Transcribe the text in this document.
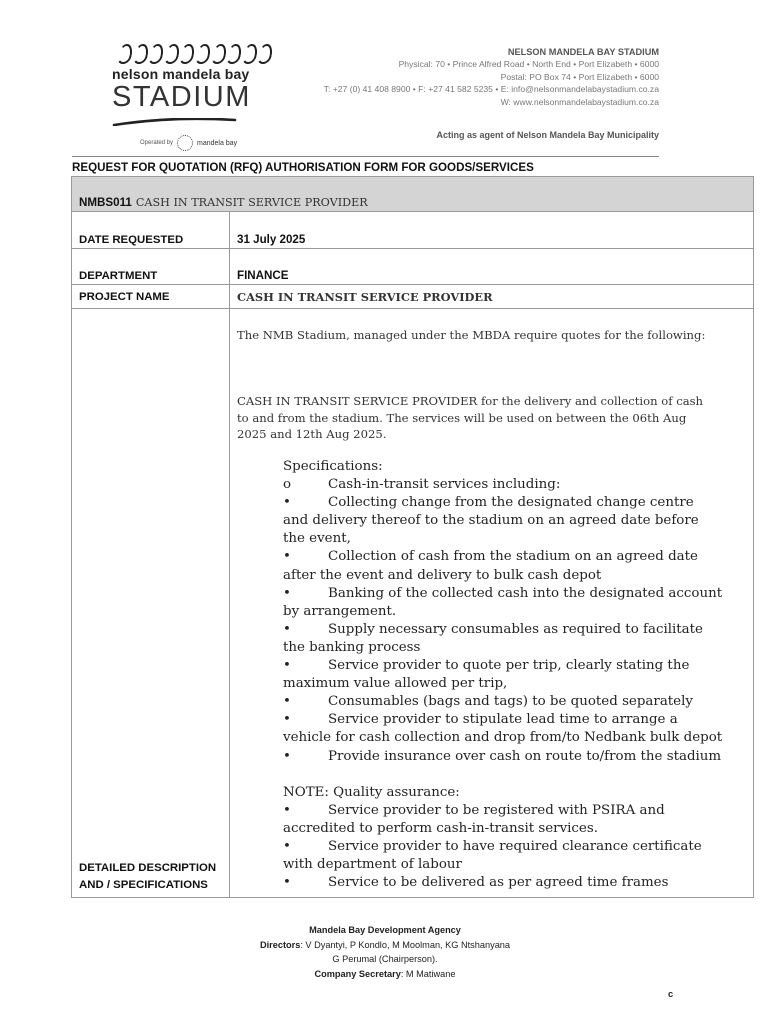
nelson mandela bay
STADIUM
Operated by	mandela bay
NELSON MANDELA BAY STADIUM
Physical: 70 • Prince Alfred Road • North End • Port Elizabeth • 6000
Postal: PO Box 74 • Port Elizabeth • 6000
T: +27 (0) 41 408 8900 • F: +27 41 582 5235 • E: info@nelsonmandelabaystadium.co.za
W: www.nelsonmandelabaystadium.co.za
Acting as agent of Nelson Mandela Bay Municipality
REQUEST FOR QUOTATION (RFQ) AUTHORISATION FORM FOR GOODS/SERVICES
NMBS011 CASH IN TRANSIT SERVICE PROVIDER
DATE REQUESTED	31 July 2025
DEPARTMENT	FINANCE
PROJECT NAME	CASH IN TRANSIT SERVICE PROVIDER
DETAILED DESCRIPTION
AND / SPECIFICATIONS
The NMB Stadium, managed under the MBDA require quotes for the following:
CASH IN TRANSIT SERVICE PROVIDER for the delivery and collection of cash to and from the stadium. The services will be used on between the 06th Aug 2025 and 12th Aug 2025.
Specifications:
o	Cash-in-transit services including:
•	Collecting change from the designated change centre and delivery thereof to the stadium on an agreed date before the event,
•	Collection of cash from the stadium on an agreed date after the event and delivery to bulk cash depot
•	Banking of the collected cash into the designated account by arrangement.
•	Supply necessary consumables as required to facilitate the banking process
•	Service provider to quote per trip, clearly stating the maximum value allowed per trip,
•	Consumables (bags and tags) to be quoted separately
•	Service provider to stipulate lead time to arrange a vehicle for cash collection and drop from/to Nedbank bulk depot
•	Provide insurance over cash on route to/from the stadium
NOTE: Quality assurance:
•	Service provider to be registered with PSIRA and accredited to perform cash-in-transit services.
•	Service provider to have required clearance certificate with department of labour
•	Service to be delivered as per agreed time frames
Mandela Bay Development Agency
Directors: V Dyantyi, P Kondlo, M Moolman, KG Ntshanyana
G Perumal (Chairperson).
Company Secretary: M Matiwane
c
